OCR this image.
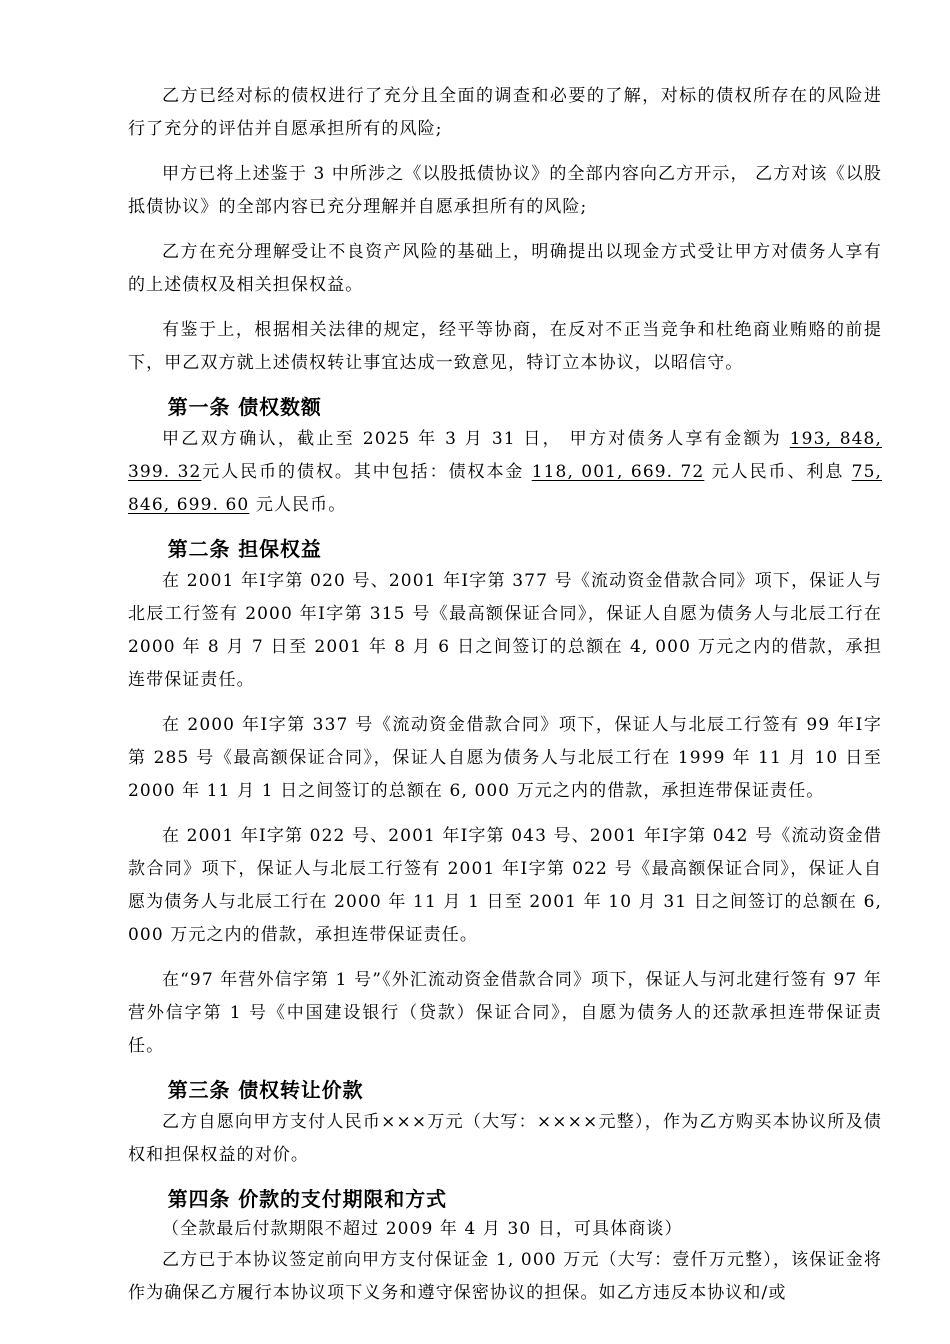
乙方已经对标的债权进行了充分且全面的调查和必要的了解，对标的债权所存在的风险进行了充分的评估并自愿承担所有的风险;

甲方已将上述鉴于 3 中所涉之《以股抵债协议》的全部内容向乙方开示， 乙方对该《以股抵债协议》的全部内容已充分理解并自愿承担所有的风险;

乙方在充分理解受让不良资产风险的基础上，明确提出以现金方式受让甲方对债务人享有的上述债权及相关担保权益。

有鉴于上，根据相关法律的规定，经平等协商，在反对不正当竞争和杜绝商业贿赂的前提下，甲乙双方就上述债权转让事宜达成一致意见，特订立本协议，以昭信守。

第一条 债权数额

甲乙双方确认，截止至 2025 年 3 月 31 日， 甲方对债务人享有金额为 193, 848, 399. 32元人民币的债权。其中包括：债权本金 118, 001, 669. 72 元人民币、利息 75, 846, 699. 60 元人民币。

第二条 担保权益

在 2001 年Ⅰ字第 020 号、2001 年Ⅰ字第 377 号《流动资金借款合同》项下，保证人与北辰工行签有 2000 年Ⅰ字第 315 号《最高额保证合同》，保证人自愿为债务人与北辰工行在 2000 年 8 月 7 日至 2001 年 8 月 6 日之间签订的总额在 4, 000 万元之内的借款，承担连带保证责任。

在 2000 年Ⅰ字第 337 号《流动资金借款合同》项下，保证人与北辰工行签有 99 年Ⅰ字第 285 号《最高额保证合同》，保证人自愿为债务人与北辰工行在 1999 年 11 月 10 日至 2000 年 11 月 1 日之间签订的总额在 6, 000 万元之内的借款，承担连带保证责任。

在 2001 年Ⅰ字第 022 号、2001 年Ⅰ字第 043 号、2001 年Ⅰ字第 042 号《流动资金借款合同》项下，保证人与北辰工行签有 2001 年Ⅰ字第 022 号《最高额保证合同》，保证人自愿为债务人与北辰工行在 2000 年 11 月 1 日至 2001 年 10 月 31 日之间签订的总额在 6, 000 万元之内的借款，承担连带保证责任。

在“97 年营外信字第 1 号”《外汇流动资金借款合同》项下，保证人与河北建行签有 97 年营外信字第 1 号《中国建设银行（贷款）保证合同》，自愿为债务人的还款承担连带保证责任。

第三条 债权转让价款

乙方自愿向甲方支付人民币×××万元（大写：××××元整），作为乙方购买本协议所及债权和担保权益的对价。

第四条 价款的支付期限和方式

（全款最后付款期限不超过 2009 年 4 月 30 日，可具体商谈）

乙方已于本协议签定前向甲方支付保证金 1, 000 万元（大写：壹仟万元整），该保证金将作为确保乙方履行本协议项下义务和遵守保密协议的担保。如乙方违反本协议和/或
